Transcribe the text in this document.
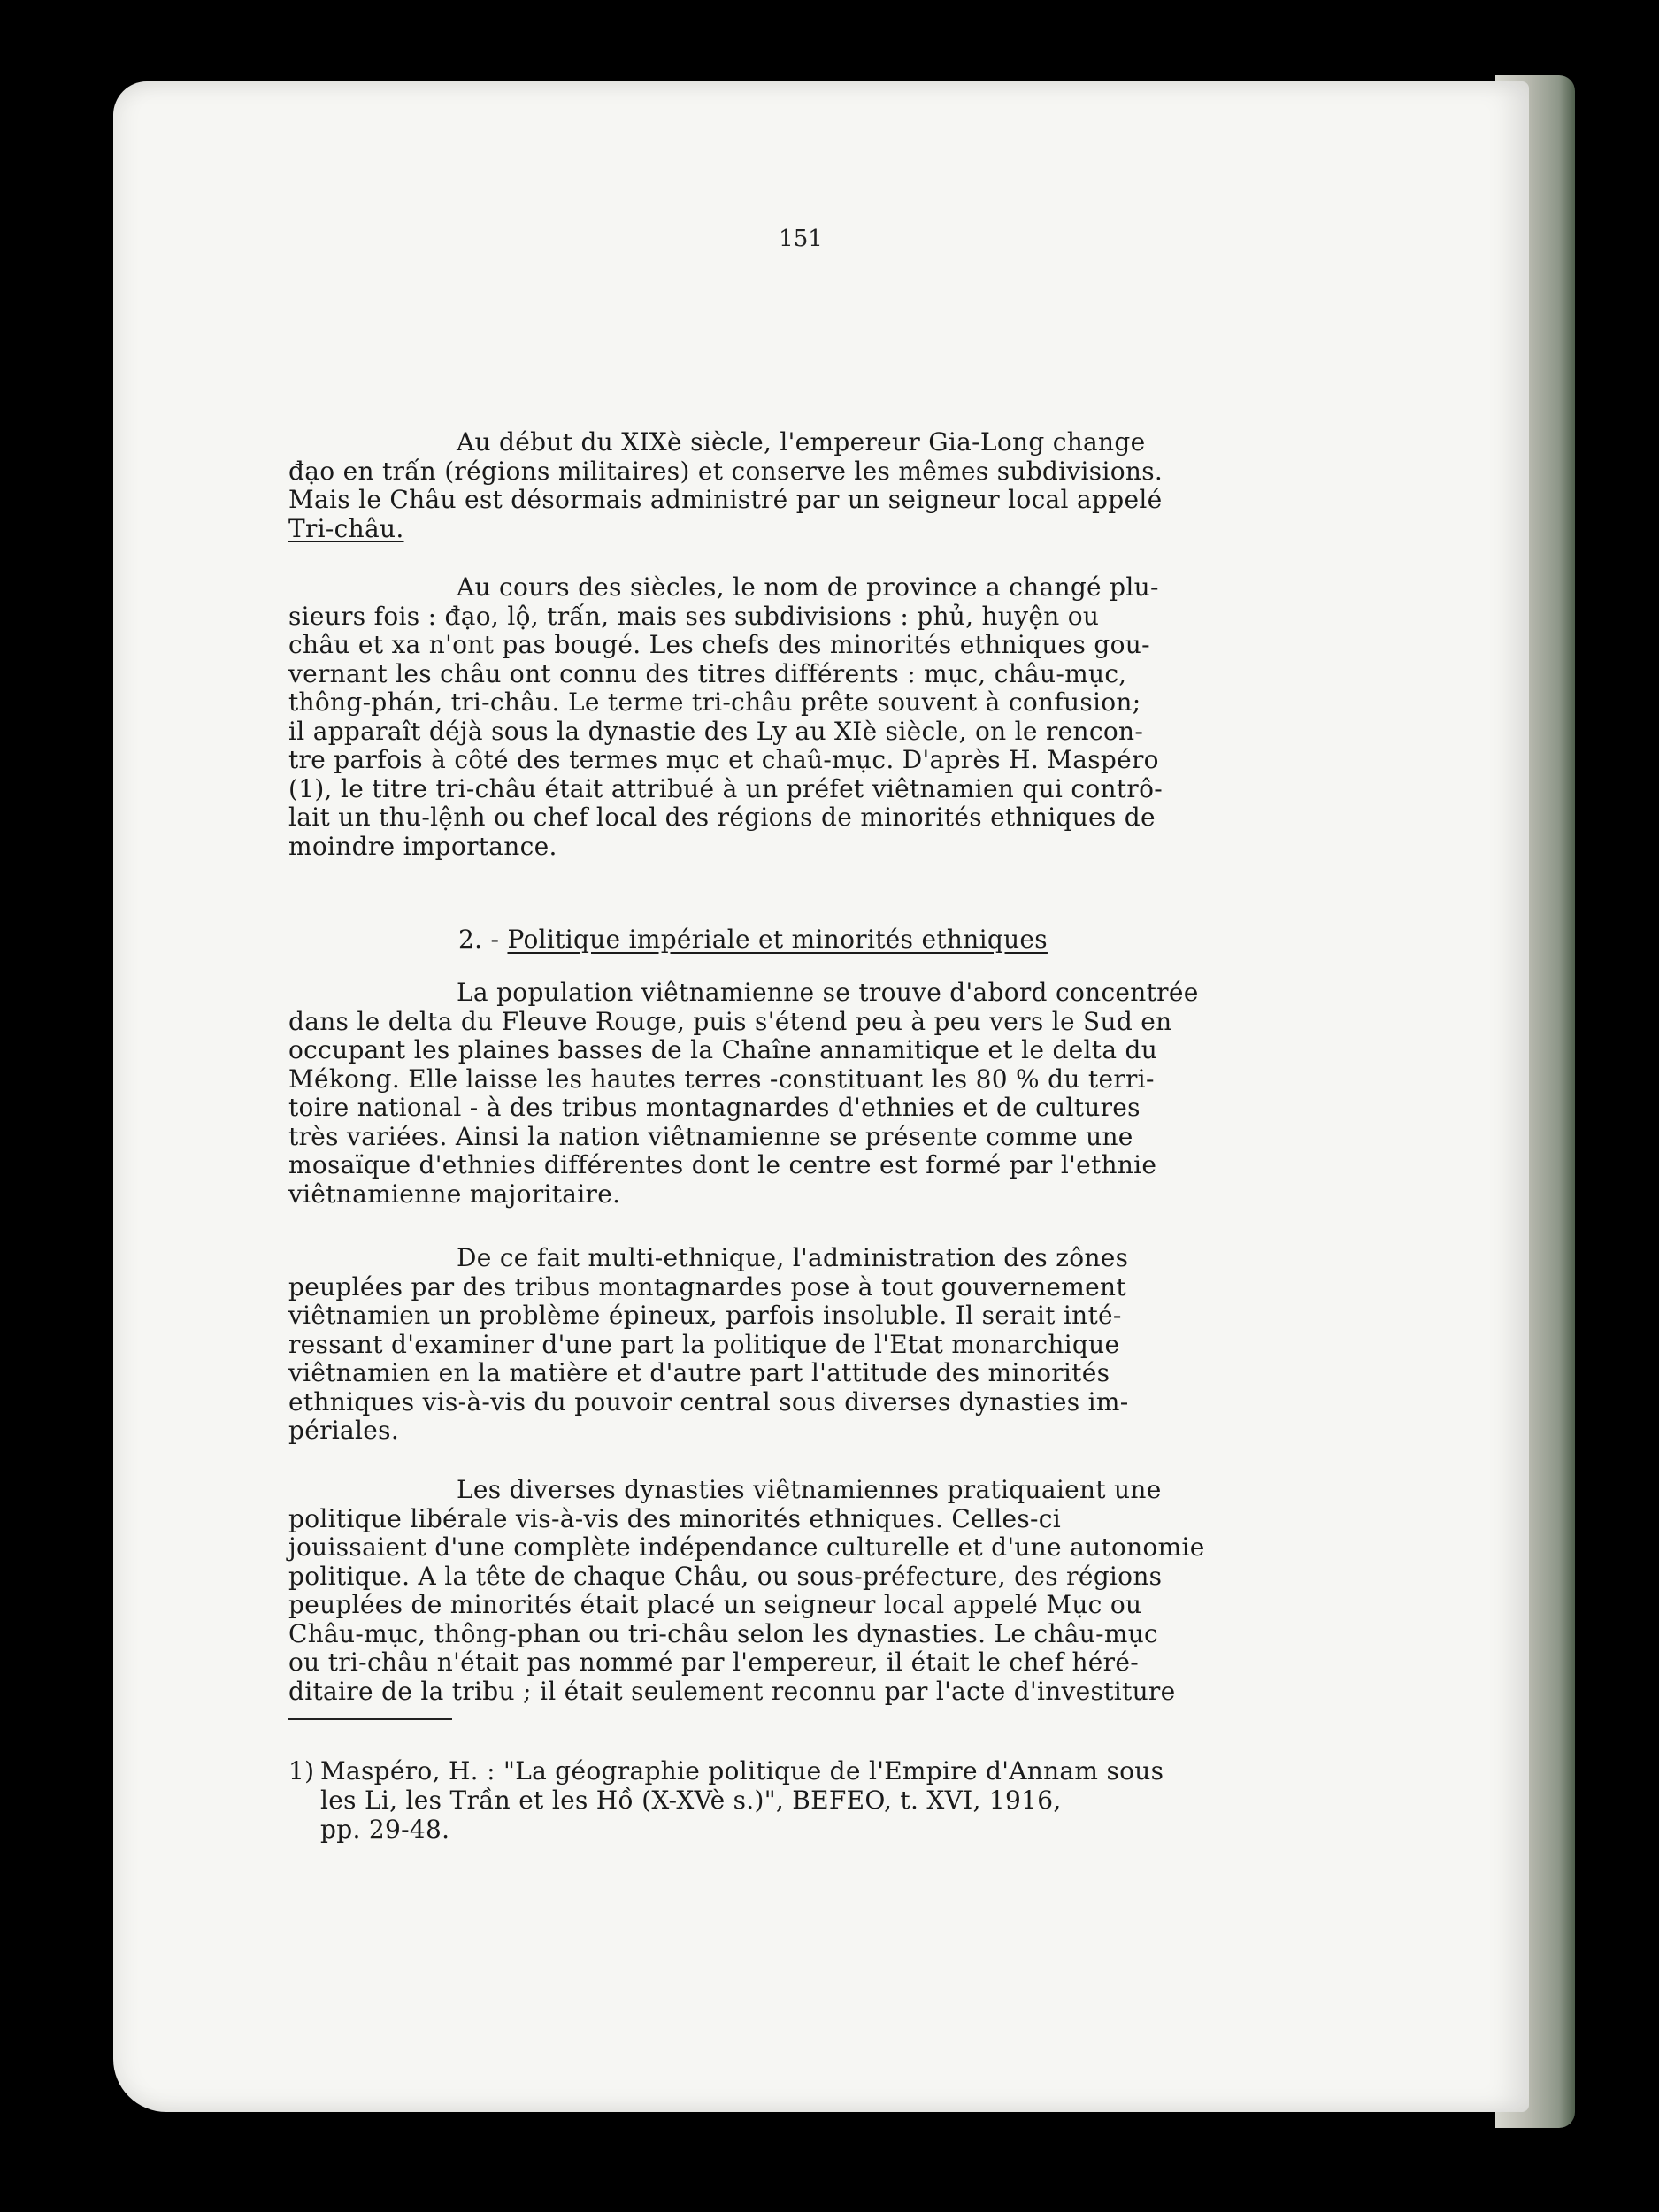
151
Au début du XIXè siècle, l'empereur Gia-Long change
đạo en trấn (régions militaires) et conserve les mêmes subdivisions.
Mais le Châu est désormais administré par un seigneur local appelé
Tri-châu.
Au cours des siècles, le nom de province a changé plu-
sieurs fois : đạo, lộ, trấn, mais ses subdivisions : phủ, huyện ou
châu et xa n'ont pas bougé. Les chefs des minorités ethniques gou-
vernant les châu ont connu des titres différents : mục, châu-mục,
thông-phán, tri-châu. Le terme tri-châu prête souvent à confusion;
il apparaît déjà sous la dynastie des Ly au XIè siècle, on le rencon-
tre parfois à côté des termes mục et chaû-mục. D'après H. Maspéro
(1), le titre tri-châu était attribué à un préfet viêtnamien qui contrô-
lait un thu-lệnh ou chef local des régions de minorités ethniques de
moindre importance.
2. - Politique impériale et minorités ethniques
La population viêtnamienne se trouve d'abord concentrée
dans le delta du Fleuve Rouge, puis s'étend peu à peu vers le Sud en
occupant les plaines basses de la Chaîne annamitique et le delta du
Mékong. Elle laisse les hautes terres -constituant les 80 % du terri-
toire national - à des tribus montagnardes d'ethnies et de cultures
très variées. Ainsi la nation viêtnamienne se présente comme une
mosaïque d'ethnies différentes dont le centre est formé par l'ethnie
viêtnamienne majoritaire.
De ce fait multi-ethnique, l'administration des zônes
peuplées par des tribus montagnardes pose à tout gouvernement
viêtnamien un problème épineux, parfois insoluble. Il serait inté-
ressant d'examiner d'une part la politique de l'Etat monarchique
viêtnamien en la matière et d'autre part l'attitude des minorités
ethniques vis-à-vis du pouvoir central sous diverses dynasties im-
périales.
Les diverses dynasties viêtnamiennes pratiquaient une
politique libérale vis-à-vis des minorités ethniques. Celles-ci
jouissaient d'une complète indépendance culturelle et d'une autonomie
politique. A la tête de chaque Châu, ou sous-préfecture, des régions
peuplées de minorités était placé un seigneur local appelé Mục ou
Châu-mục, thông-phan ou tri-châu selon les dynasties. Le châu-mục
ou tri-châu n'était pas nommé par l'empereur, il était le chef héré-
ditaire de la tribu ; il était seulement reconnu par l'acte d'investiture
1) Maspéro, H. : "La géographie politique de l'Empire d'Annam sous
les Li, les Trần et les Hồ (X-XVè s.)", BEFEO, t. XVI, 1916,
pp. 29-48.
